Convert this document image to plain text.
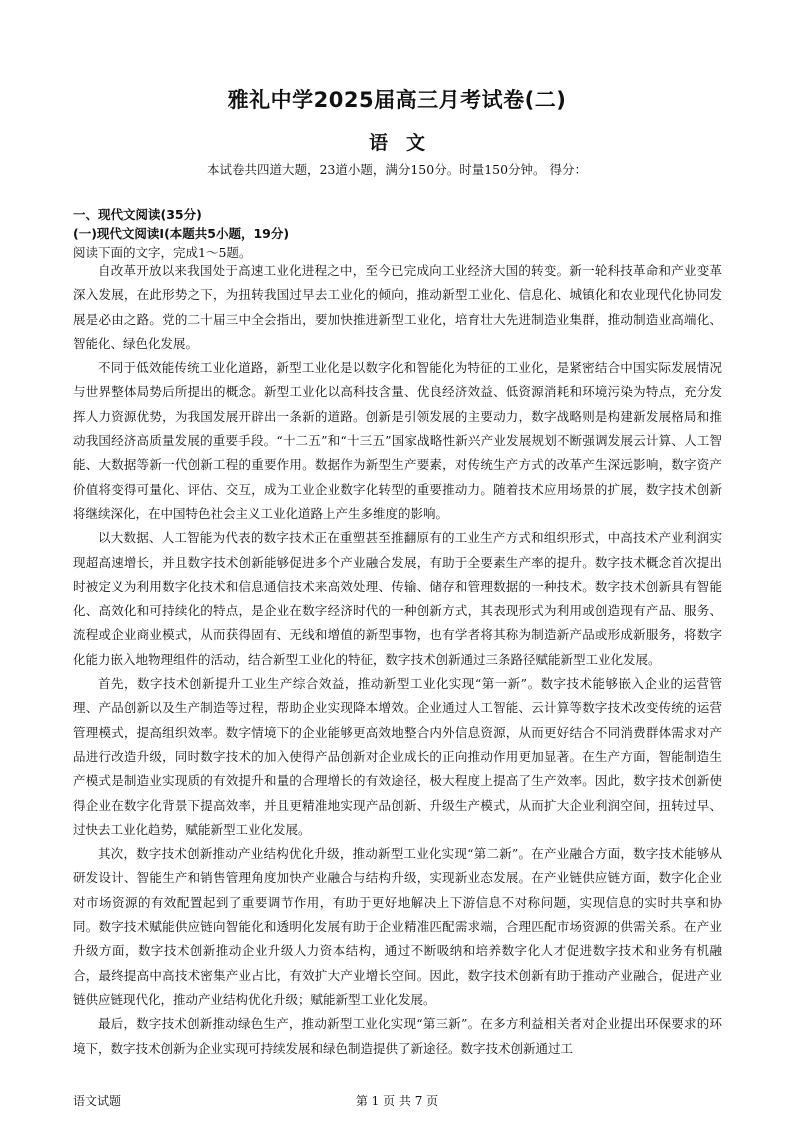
雅礼中学2025届高三月考试卷(二)
语文
本试卷共四道大题，23道小题，满分150分。时量150分钟。 得分：
一、现代文阅读(35分)
(一)现代文阅读Ⅰ(本题共5小题，19分)
阅读下面的文字，完成1～5题。

自改革开放以来我国处于高速工业化进程之中，至今已完成向工业经济大国的转变。新一轮科技革命和产业变革深入发展，在此形势之下，为扭转我国过早去工业化的倾向，推动新型工业化、信息化、城镇化和农业现代化协同发展是必由之路。党的二十届三中全会指出，要加快推进新型工业化，培育壮大先进制造业集群，推动制造业高端化、智能化、绿色化发展。

不同于低效能传统工业化道路，新型工业化是以数字化和智能化为特征的工业化，是紧密结合中国实际发展情况与世界整体局势后所提出的概念。新型工业化以高科技含量、优良经济效益、低资源消耗和环境污染为特点，充分发挥人力资源优势，为我国发展开辟出一条新的道路。创新是引领发展的主要动力，数字战略则是构建新发展格局和推动我国经济高质量发展的重要手段。“十二五”和“十三五”国家战略性新兴产业发展规划不断强调发展云计算、人工智能、大数据等新一代创新工程的重要作用。数据作为新型生产要素，对传统生产方式的改革产生深远影响，数字资产价值将变得可量化、评估、交互，成为工业企业数字化转型的重要推动力。随着技术应用场景的扩展，数字技术创新将继续深化，在中国特色社会主义工业化道路上产生多维度的影响。

以大数据、人工智能为代表的数字技术正在重塑甚至推翻原有的工业生产方式和组织形式，中高技术产业利润实现超高速增长，并且数字技术创新能够促进多个产业融合发展，有助于全要素生产率的提升。数字技术概念首次提出时被定义为利用数字化技术和信息通信技术来高效处理、传输、储存和管理数据的一种技术。数字技术创新具有智能化、高效化和可持续化的特点，是企业在数字经济时代的一种创新方式，其表现形式为利用或创造现有产品、服务、流程或企业商业模式，从而获得固有、无线和增值的新型事物，也有学者将其称为制造新产品或形成新服务，将数字化能力嵌入地物理组件的活动，结合新型工业化的特征，数字技术创新通过三条路径赋能新型工业化发展。

首先，数字技术创新提升工业生产综合效益，推动新型工业化实现“第一新”。数字技术能够嵌入企业的运营管理、产品创新以及生产制造等过程，帮助企业实现降本增效。企业通过人工智能、云计算等数字技术改变传统的运营管理模式，提高组织效率。数字情境下的企业能够更高效地整合内外信息资源，从而更好结合不同消费群体需求对产品进行改造升级，同时数字技术的加入使得产品创新对企业成长的正向推动作用更加显著。在生产方面，智能制造生产模式是制造业实现质的有效提升和量的合理增长的有效途径，极大程度上提高了生产效率。因此，数字技术创新使得企业在数字化背景下提高效率，并且更精准地实现产品创新、升级生产模式，从而扩大企业利润空间，扭转过早、过快去工业化趋势，赋能新型工业化发展。

其次，数字技术创新推动产业结构优化升级，推动新型工业化实现“第二新”。在产业融合方面，数字技术能够从研发设计、智能生产和销售管理角度加快产业融合与结构升级，实现新业态发展。在产业链供应链方面，数字化企业对市场资源的有效配置起到了重要调节作用，有助于更好地解决上下游信息不对称问题，实现信息的实时共享和协同。数字技术赋能供应链向智能化和透明化发展有助于企业精准匹配需求端，合理匹配市场资源的供需关系。在产业升级方面，数字技术创新推动企业升级人力资本结构，通过不断吸纳和培养数字化人才促进数字技术和业务有机融合，最终提高中高技术密集产业占比，有效扩大产业增长空间。因此，数字技术创新有助于推动产业融合，促进产业链供应链现代化，推动产业结构优化升级；赋能新型工业化发展。

最后，数字技术创新推动绿色生产，推动新型工业化实现“第三新”。在多方利益相关者对企业提出环保要求的环境下，数字技术创新为企业实现可持续发展和绿色制造提供了新途径。数字技术创新通过工

语文试题	第 1 页 共 7 页
